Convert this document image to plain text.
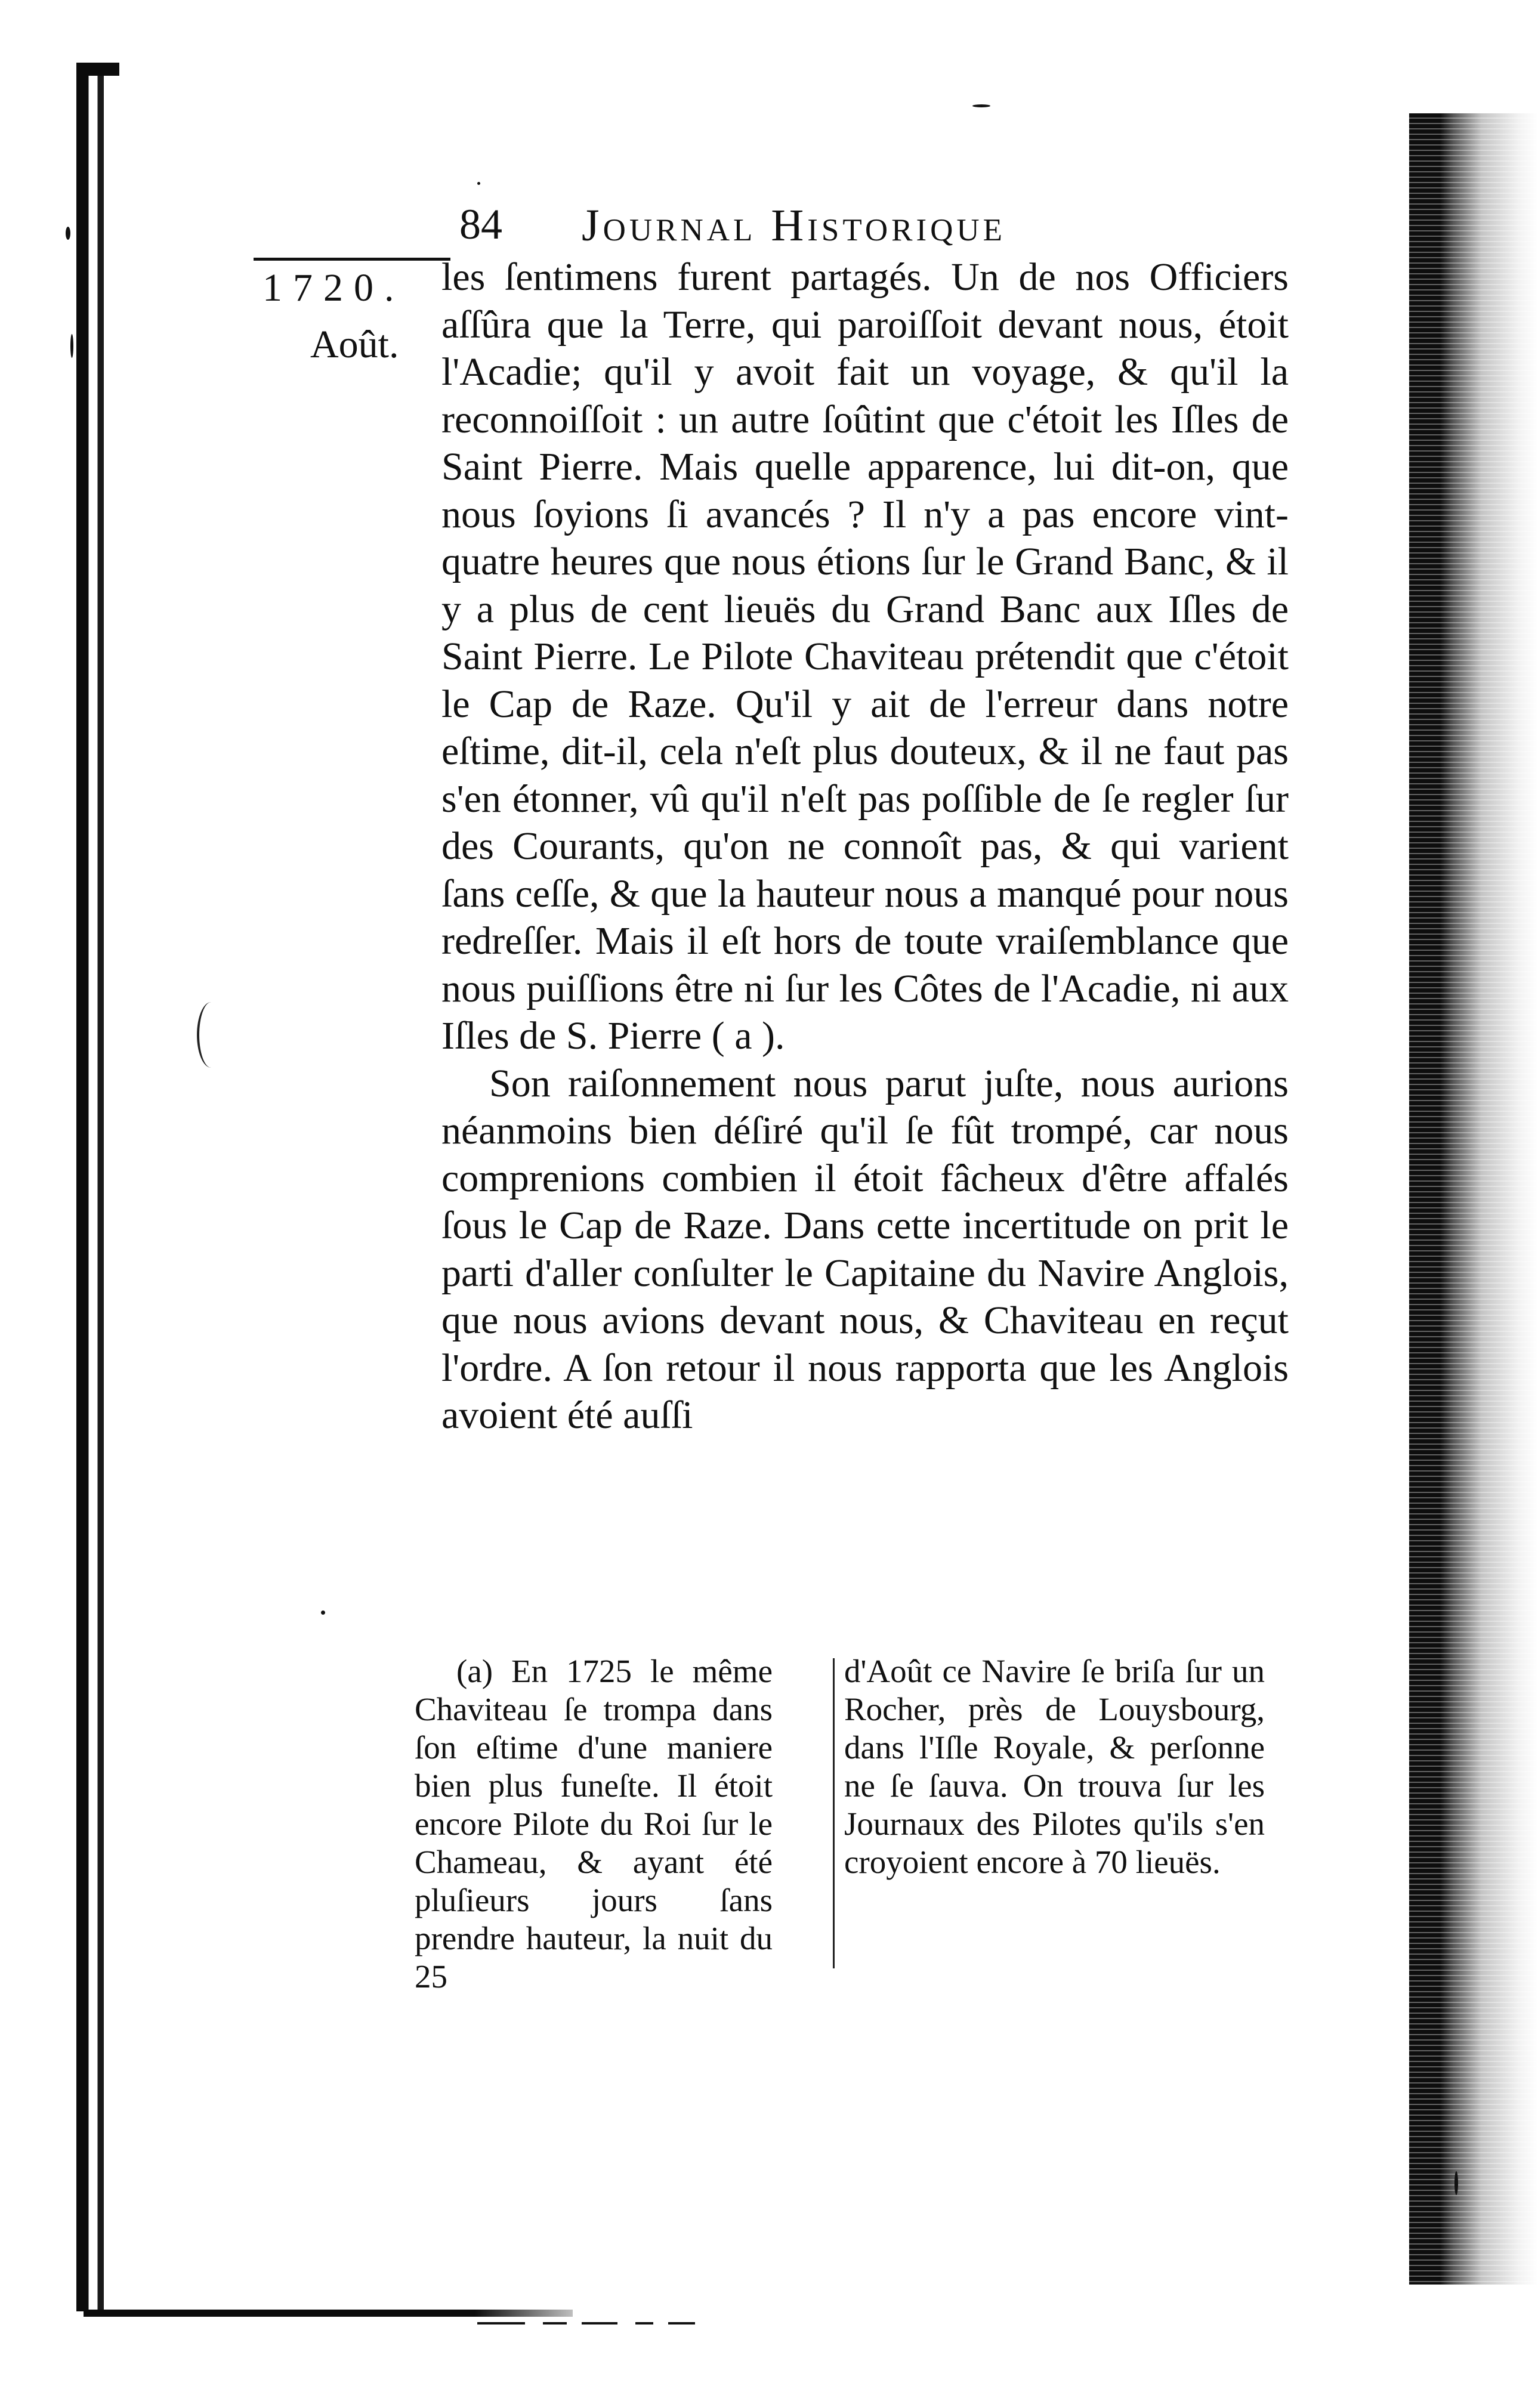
84 Journal Historique
1720.
Août.

les ſentimens furent partagés. Un de nos Officiers aſſûra que la Terre, qui paroiſſoit devant nous, étoit l'Acadie; qu'il y avoit fait un voyage, & qu'il la reconnoiſſoit : un autre ſoûtint que c'étoit les Iſles de Saint Pierre. Mais quelle apparence, lui dit-on, que nous ſoyions ſi avancés ? Il n'y a pas encore vint-quatre heures que nous étions ſur le Grand Banc, & il y a plus de cent lieuës du Grand Banc aux Iſles de Saint Pierre. Le Pilote Chaviteau prétendit que c'étoit le Cap de Raze. Qu'il y ait de l'erreur dans notre eſtime, dit-il, cela n'eſt plus douteux, & il ne faut pas s'en étonner, vû qu'il n'eſt pas poſſible de ſe regler ſur des Courants, qu'on ne connoît pas, & qui varient ſans ceſſe, & que la hauteur nous a manqué pour nous redreſſer. Mais il eſt hors de toute vraiſemblance que nous puiſſions être ni ſur les Côtes de l'Acadie, ni aux Iſles de S. Pierre ( a ).

Son raiſonnement nous parut juſte, nous aurions néanmoins bien déſiré qu'il ſe fût trompé, car nous comprenions combien il étoit fâcheux d'être affalés ſous le Cap de Raze. Dans cette incertitude on prit le parti d'aller conſulter le Capitaine du Navire Anglois, que nous avions devant nous, & Chaviteau en reçut l'ordre. A ſon retour il nous rapporta que les Anglois avoient été auſſi

(a) En 1725 le même Chaviteau ſe trompa dans ſon eſtime d'une maniere bien plus funeſte. Il étoit encore Pilote du Roi ſur le Chameau, & ayant été pluſieurs jours ſans prendre hauteur, la nuit du 25

d'Août ce Navire ſe briſa ſur un Rocher, près de Louysbourg, dans l'Iſle Royale, & perſonne ne ſe ſauva. On trouva ſur les Journaux des Pilotes qu'ils s'en croyoient encore à 70 lieuës.
